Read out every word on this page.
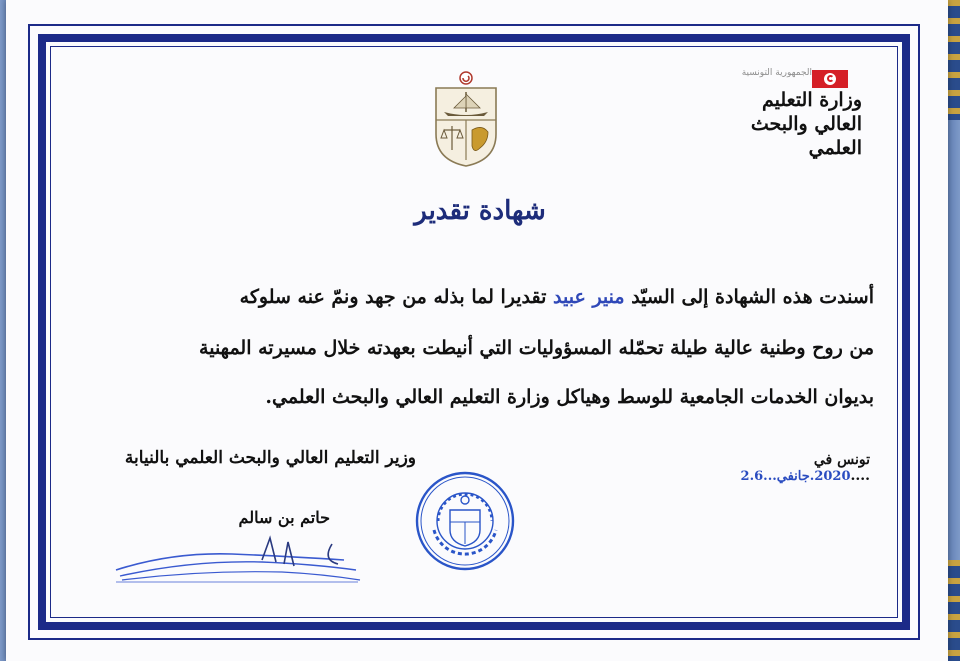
الجمهورية التونسية
وزارة التعليم العالي والبحث العلمي
شهادة تقدير
أسندت هذه الشهادة إلى السيّد منير عبيد تقديرا لما بذله من جهد ونمّ عنه سلوكه
من روح وطنية عالية طيلة تحمّله المسؤوليات التي أنيطت بعهدته خلال مسيرته المهنية
بديوان الخدمات الجامعية للوسط وهياكل وزارة التعليم العالي والبحث العلمي.
تونس في ....2020.جانفي...2.6
وزير التعليم العالي والبحث العلمي بالنيابة
حاتم بن سالم
